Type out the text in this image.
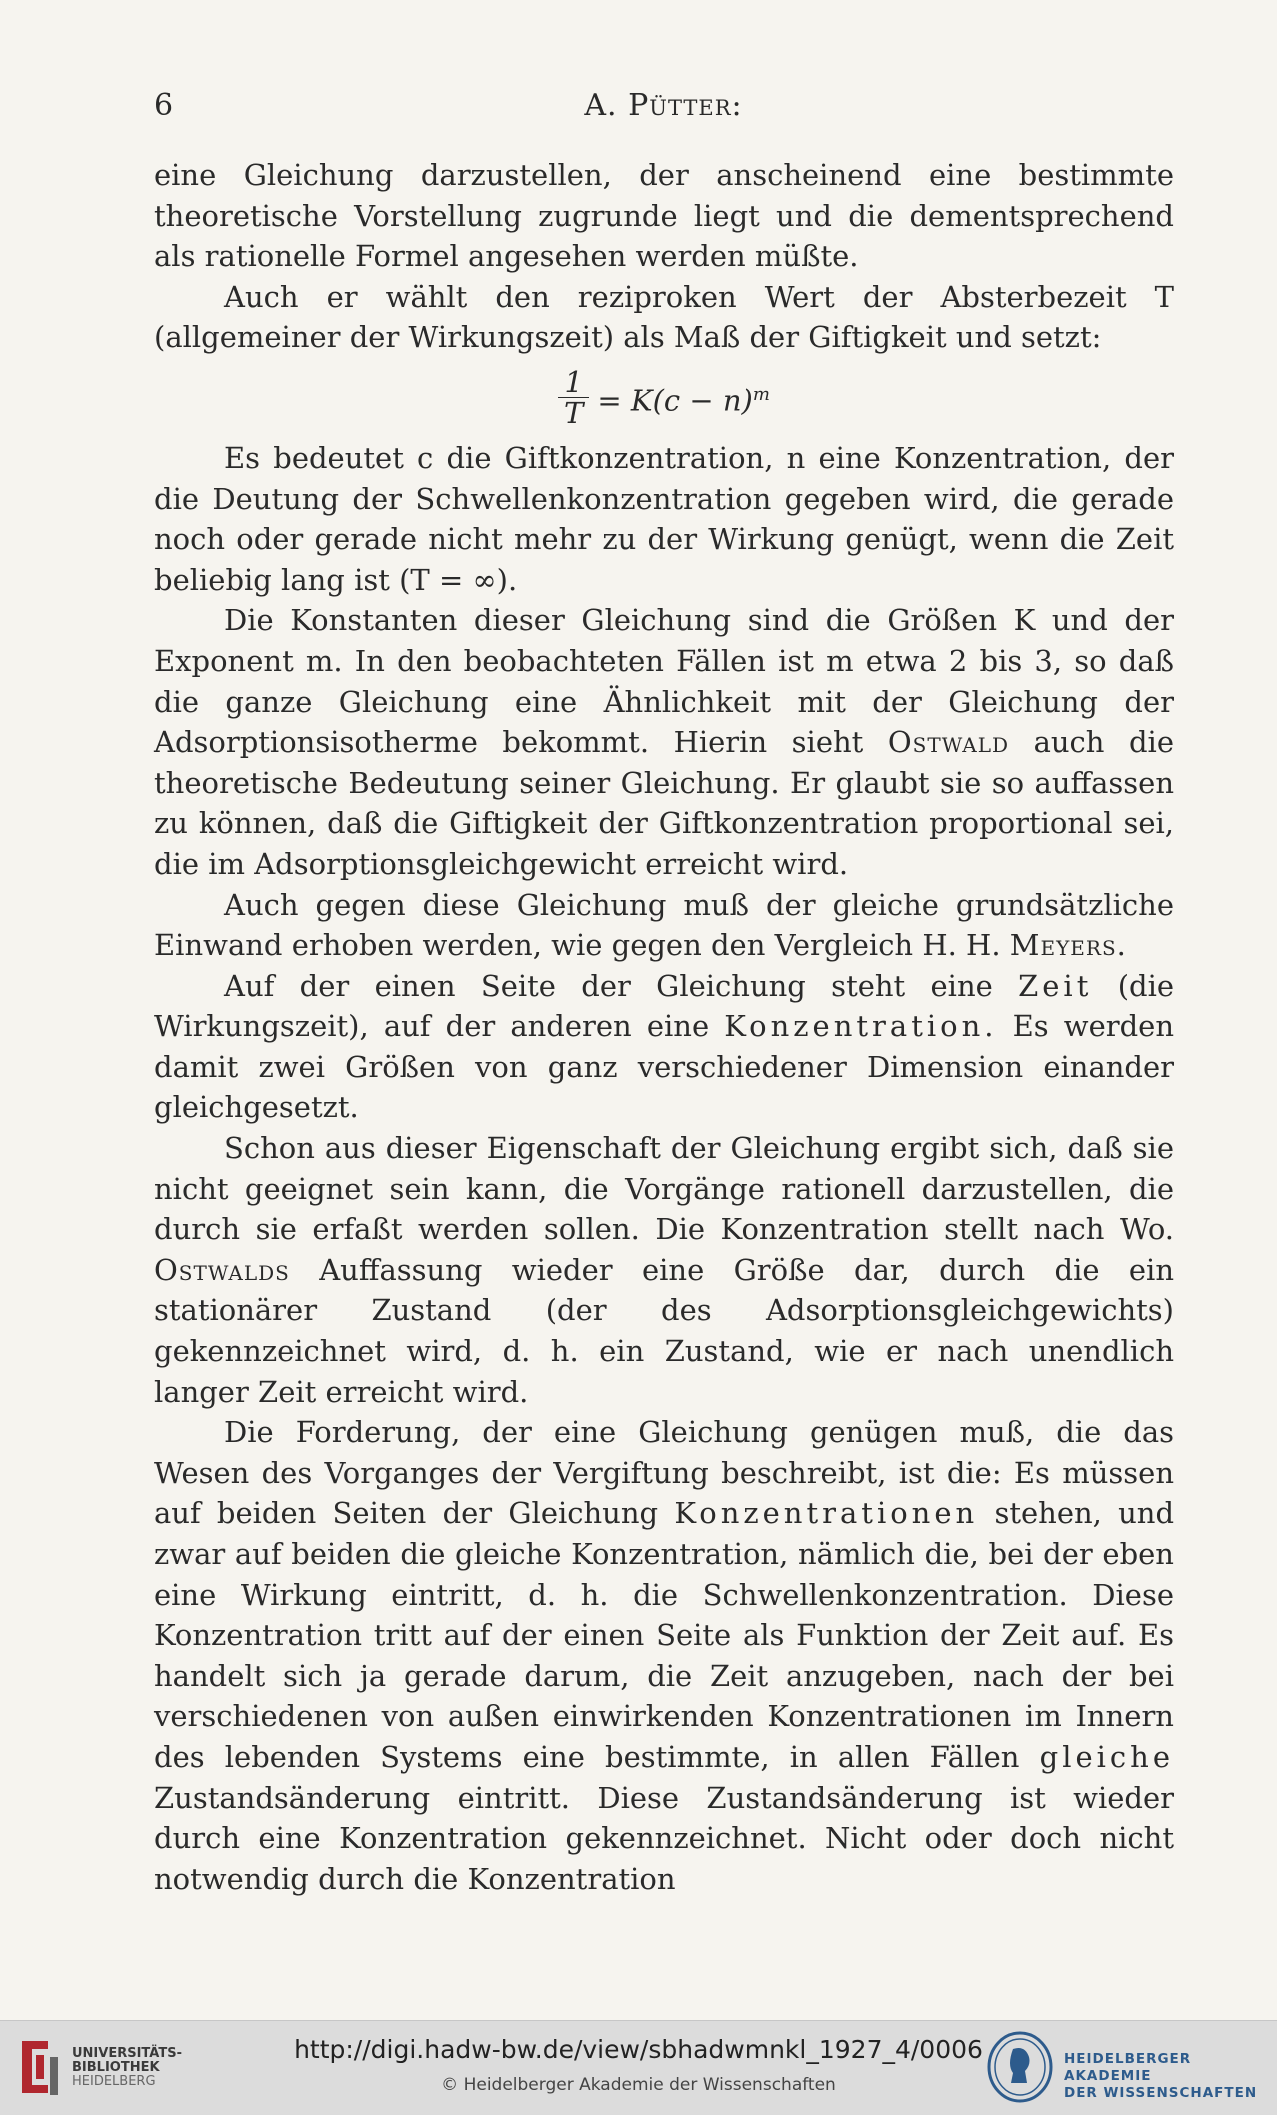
6	A. Pütter:

eine Gleichung darzustellen, der anscheinend eine bestimmte theoretische Vorstellung zugrunde liegt und die dementsprechend als rationelle Formel angesehen werden müßte.

Auch er wählt den reziproken Wert der Absterbezeit T (allgemeiner der Wirkungszeit) als Maß der Giftigkeit und setzt:

$\frac{1}{T} = K(c - n)^m$

Es bedeutet c die Giftkonzentration, n eine Konzentration, der die Deutung der Schwellenkonzentration gegeben wird, die gerade noch oder gerade nicht mehr zu der Wirkung genügt, wenn die Zeit beliebig lang ist (T = ∞).

Die Konstanten dieser Gleichung sind die Größen K und der Exponent m. In den beobachteten Fällen ist m etwa 2 bis 3, so daß die ganze Gleichung eine Ähnlichkeit mit der Gleichung der Adsorptionsisotherme bekommt. Hierin sieht Ostwald auch die theoretische Bedeutung seiner Gleichung. Er glaubt sie so auffassen zu können, daß die Giftigkeit der Giftkonzentration proportional sei, die im Adsorptionsgleichgewicht erreicht wird.

Auch gegen diese Gleichung muß der gleiche grundsätzliche Einwand erhoben werden, wie gegen den Vergleich H. H. Meyers.

Auf der einen Seite der Gleichung steht eine Zeit (die Wirkungszeit), auf der anderen eine Konzentration. Es werden damit zwei Größen von ganz verschiedener Dimension einander gleichgesetzt.

Schon aus dieser Eigenschaft der Gleichung ergibt sich, daß sie nicht geeignet sein kann, die Vorgänge rationell darzustellen, die durch sie erfaßt werden sollen. Die Konzentration stellt nach Wo. Ostwalds Auffassung wieder eine Größe dar, durch die ein stationärer Zustand (der des Adsorptionsgleichgewichts) gekennzeichnet wird, d. h. ein Zustand, wie er nach unendlich langer Zeit erreicht wird.

Die Forderung, der eine Gleichung genügen muß, die das Wesen des Vorganges der Vergiftung beschreibt, ist die: Es müssen auf beiden Seiten der Gleichung Konzentrationen stehen, und zwar auf beiden die gleiche Konzentration, nämlich die, bei der eben eine Wirkung eintritt, d. h. die Schwellenkonzentration. Diese Konzentration tritt auf der einen Seite als Funktion der Zeit auf. Es handelt sich ja gerade darum, die Zeit anzugeben, nach der bei verschiedenen von außen einwirkenden Konzentrationen im Innern des lebenden Systems eine bestimmte, in allen Fällen gleiche Zustandsänderung eintritt. Diese Zustandsänderung ist wieder durch eine Konzentration gekennzeichnet. Nicht oder doch nicht notwendig durch die Konzentration

UNIVERSITÄTS-
BIBLIOTHEK
HEIDELBERG
http://digi.hadw-bw.de/view/sbhadwmnkl_1927_4/0006
© Heidelberger Akademie der Wissenschaften
HEIDELBERGER AKADEMIE
DER WISSENSCHAFTEN
